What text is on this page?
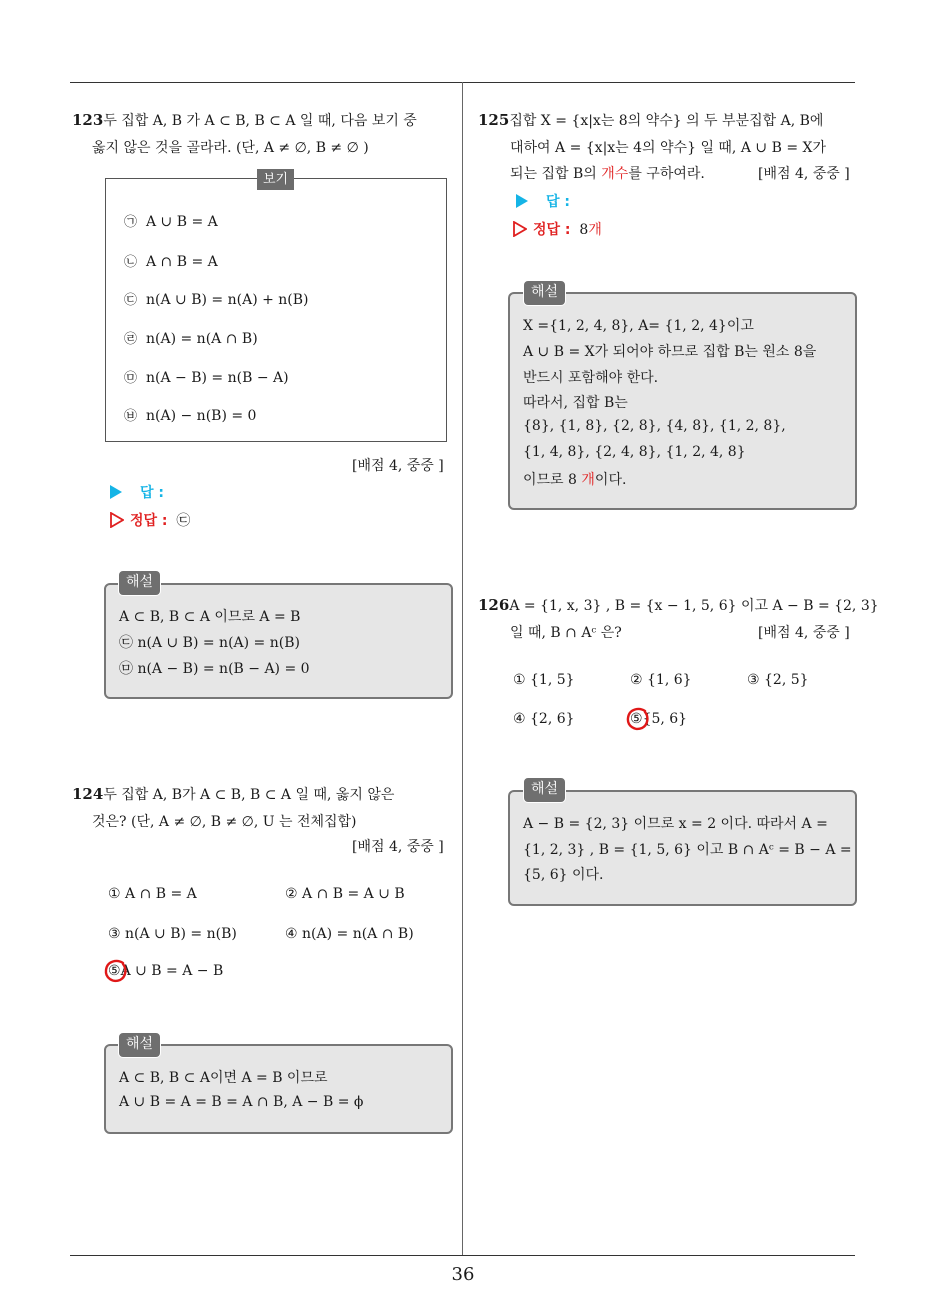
123두 집합 A, B 가 A ⊂ B, B ⊂ A 일 때, 다음 보기 중
옳지 않은 것을 골라라. (단, A ≠ ∅, B ≠ ∅ )
보기
㉠ A ∪ B = A
㉡ A ∩ B = A
㉢ n(A ∪ B) = n(A) + n(B)
㉣ n(A) = n(A ∩ B)
㉤ n(A − B) = n(B − A)
㉥ n(A) − n(B) = 0
[배점 4, 중중 ]
답 :
정답 : ㉢
해설
A ⊂ B, B ⊂ A 이므로 A = B
㉢ n(A ∪ B) = n(A) = n(B)
㉤ n(A − B) = n(B − A) = 0
124두 집합 A, B가 A ⊂ B, B ⊂ A 일 때, 옳지 않은
것은? (단, A ≠ ∅, B ≠ ∅, U 는 전체집합)
[배점 4, 중중 ]
① A ∩ B = A	② A ∩ B = A ∪ B
③ n(A ∪ B) = n(B)	④ n(A) = n(A ∩ B)
⑤A ∪ B = A − B
해설
A ⊂ B, B ⊂ A이면 A = B 이므로
A ∪ B = A = B = A ∩ B, A − B = ϕ
125집합 X = {x|x는 8의 약수} 의 두 부분집합 A, B에
대하여 A = {x|x는 4의 약수} 일 때, A ∪ B = X가
되는 집합 B의 개수를 구하여라.	[배점 4, 중중 ]
답 :
정답 : 8개
해설
X ={1, 2, 4, 8}, A= {1, 2, 4}이고
A ∪ B = X가 되어야 하므로 집합 B는 원소 8을
반드시 포함해야 한다.
따라서, 집합 B는
{8}, {1, 8}, {2, 8}, {4, 8}, {1, 2, 8},
{1, 4, 8}, {2, 4, 8}, {1, 2, 4, 8}
이므로 8 개이다.
126A = {1, x, 3} , B = {x − 1, 5, 6} 이고 A − B = {2, 3}
일 때, B ∩ Aᶜ 은?	[배점 4, 중중 ]
① {1, 5}	② {1, 6}	③ {2, 5}
④ {2, 6}	⑤{5, 6}
해설
A − B = {2, 3} 이므로 x = 2 이다. 따라서 A =
{1, 2, 3} , B = {1, 5, 6} 이고 B ∩ Aᶜ = B − A =
{5, 6} 이다.
36
